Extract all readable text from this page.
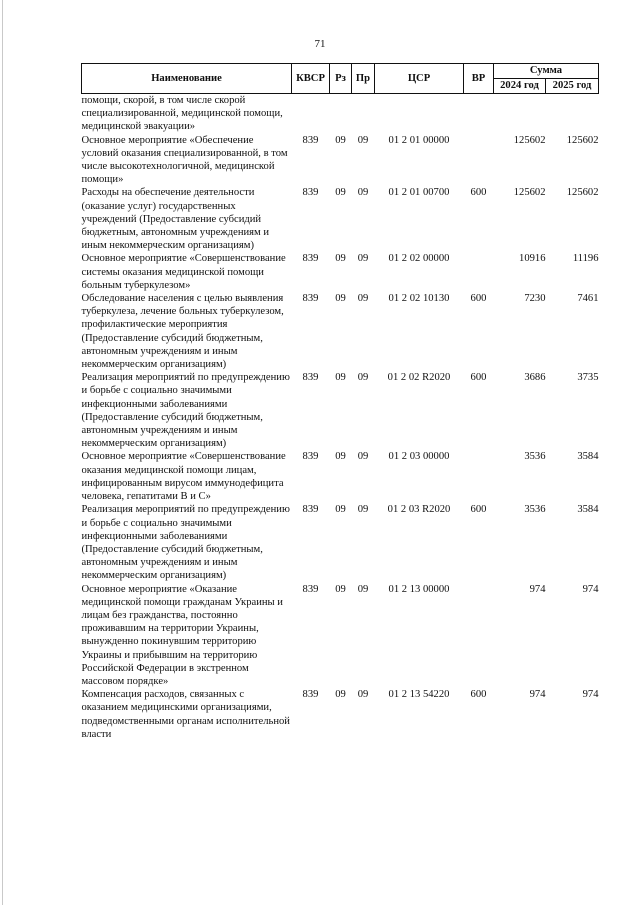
71
Наименование	КВСР	Рз	Пр	ЦСР	ВР	Сумма	
						2024 год	2025 год
помощи, скорой, в том числе скорой специализированной, медицинской помощи, медицинской эвакуации»							
Основное мероприятие «Обеспечение условий оказания специализированной, в том числе высокотехнологичной, медицинской помощи»	839	09	09	01 2 01 00000		125602	125602
Расходы на обеспечение деятельности (оказание услуг) государственных учреждений (Предоставление субсидий бюджетным, автономным учреждениям и иным некоммерческим организациям)	839	09	09	01 2 01 00700	600	125602	125602
Основное мероприятие «Совершенствование системы оказания медицинской помощи больным туберкулезом»	839	09	09	01 2 02 00000		10916	11196
Обследование населения с целью выявления туберкулеза, лечение больных туберкулезом, профилактические мероприятия (Предоставление субсидий бюджетным, автономным учреждениям и иным некоммерческим организациям)	839	09	09	01 2 02 10130	600	7230	7461
Реализация мероприятий по предупреждению и борьбе с социально значимыми инфекционными заболеваниями (Предоставление субсидий бюджетным, автономным учреждениям и иным некоммерческим организациям)	839	09	09	01 2 02 R2020	600	3686	3735
Основное мероприятие «Совершенствование оказания медицинской помощи лицам, инфицированным вирусом иммунодефицита человека, гепатитами В и С»	839	09	09	01 2 03 00000		3536	3584
Реализация мероприятий по предупреждению и борьбе с социально значимыми инфекционными заболеваниями (Предоставление субсидий бюджетным, автономным учреждениям и иным некоммерческим организациям)	839	09	09	01 2 03 R2020	600	3536	3584
Основное мероприятие «Оказание медицинской помощи гражданам Украины и лицам без гражданства, постоянно проживавшим на территории Украины, вынужденно покинувшим территорию Украины и прибывшим на территорию Российской Федерации в экстренном массовом порядке»	839	09	09	01 2 13 00000		974	974
Компенсация расходов, связанных с оказанием медицинскими организациями, подведомственными органам исполнительной власти	839	09	09	01 2 13 54220	600	974	974
